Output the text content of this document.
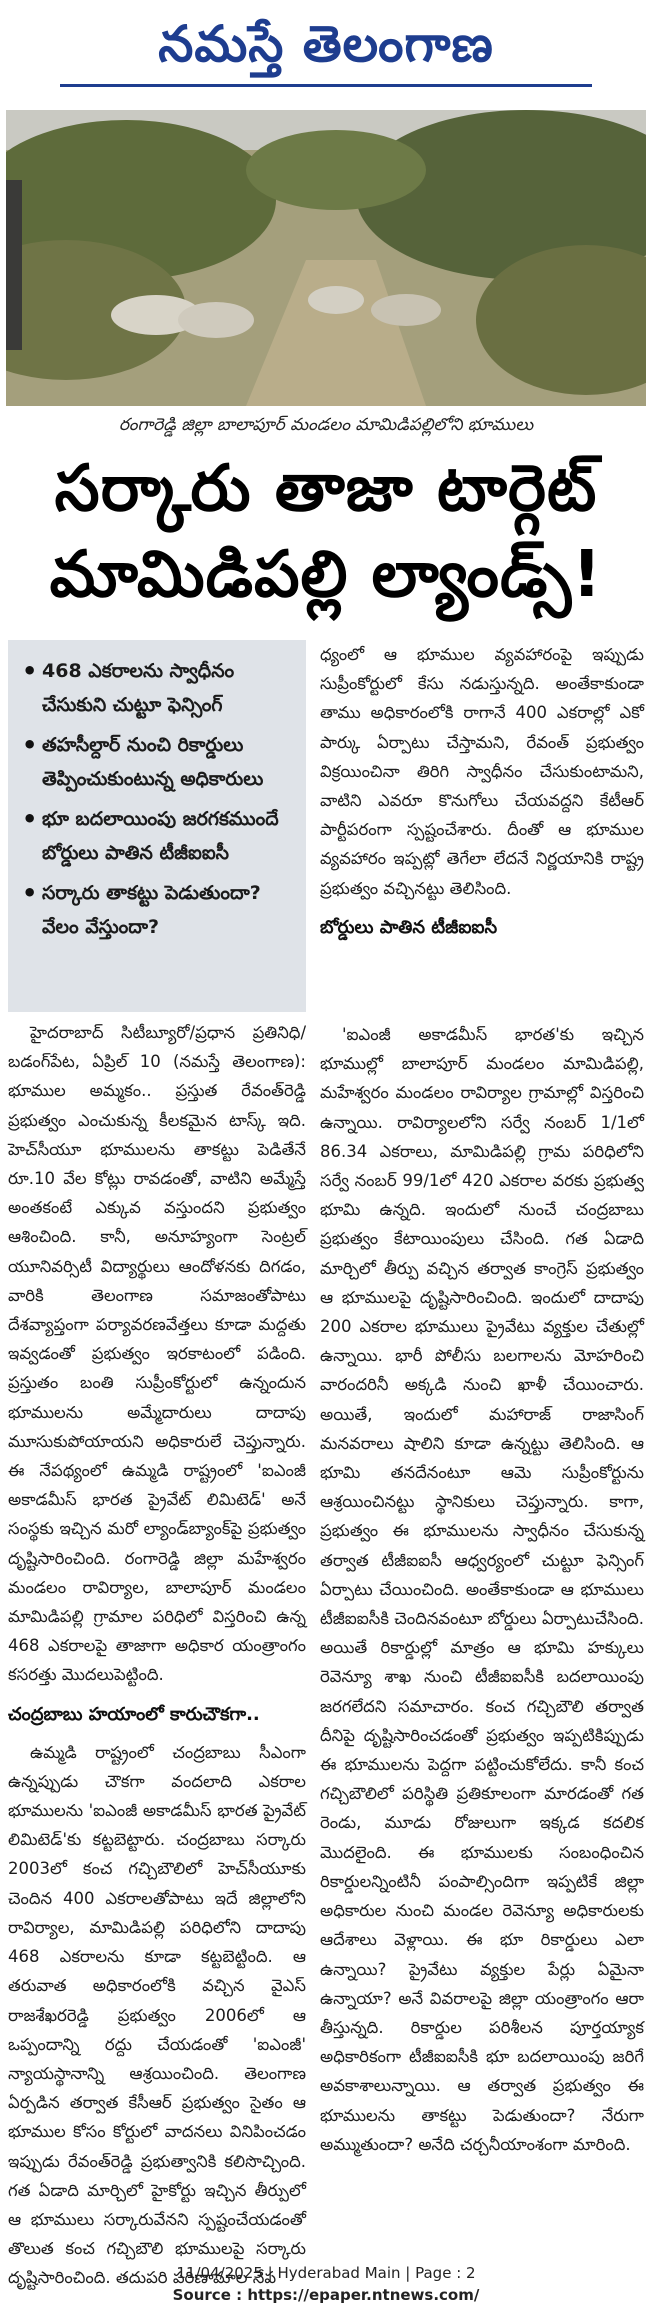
నమస్తే తెలంగాణ
రంగారెడ్డి జిల్లా బాలాపూర్ మండలం మామిడిపల్లిలోని భూములు
సర్కారు తాజా టార్గెట్
మామిడిపల్లి ల్యాండ్స్!
• 468 ఎకరాలను స్వాధీనం చేసుకుని చుట్టూ ఫెన్సింగ్
• తహసీల్దార్ నుంచి రికార్డులు తెప్పించుకుంటున్న అధికారులు
• భూ బదలాయింపు జరగకముందే బోర్డులు పాతిన టీజీఐఐసీ
• సర్కారు తాకట్టు పెడుతుందా? వేలం వేస్తుందా?

ధ్యంలో ఆ భూముల వ్యవహారంపై ఇప్పుడు సుప్రీంకోర్టులో కేసు నడుస్తున్నది. అంతేకాకుండా తాము అధికారంలోకి రాగానే 400 ఎకరాల్లో ఎకో పార్కు ఏర్పాటు చేస్తామని, రేవంత్ ప్రభుత్వం విక్రయించినా తిరిగి స్వాధీనం చేసుకుంటామని, వాటిని ఎవరూ కొనుగోలు చేయవద్దని కేటీఆర్ పార్టీపరంగా స్పష్టంచేశారు. దీంతో ఆ భూముల వ్యవహారం ఇప్పట్లో తెగేలా లేదనే నిర్ణయానికి రాష్ట్ర ప్రభుత్వం వచ్చినట్టు తెలిసింది.

బోర్డులు పాతిన టీజీఐఐసీ

హైదరాబాద్ సిటీబ్యూరో/ప్రధాన ప్రతినిధి/బడంగ్‌పేట, ఏప్రిల్ 10 (నమస్తే తెలంగాణ): భూముల అమ్మకం.. ప్రస్తుత రేవంత్‌రెడ్డి ప్రభుత్వం ఎంచుకున్న కీలకమైన టాస్క్ ఇది. హెచ్‌సీయూ భూములను తాకట్టు పెడితేనే రూ.10 వేల కోట్లు రావడంతో, వాటిని అమ్మేస్తే అంతకంటే ఎక్కువ వస్తుందని ప్రభుత్వం ఆశించింది. కానీ, అనూహ్యంగా సెంట్రల్ యూనివర్సిటీ విద్యార్థులు ఆందోళనకు దిగడం, వారికి తెలంగాణ సమాజంతోపాటు దేశవ్యాప్తంగా పర్యావరణవేత్తలు కూడా మద్దతు ఇవ్వడంతో ప్రభుత్వం ఇరకాటంలో పడింది. ప్రస్తుతం బంతి సుప్రీంకోర్టులో ఉన్నందున భూములను అమ్మేదారులు దాదాపు మూసుకుపోయాయని అధికారులే చెప్తున్నారు. ఈ నేపథ్యంలో ఉమ్మడి రాష్ట్రంలో 'ఐఎంజీ అకాడమీస్ భారత ప్రైవేట్ లిమిటెడ్' అనే సంస్థకు ఇచ్చిన మరో ల్యాండ్‌బ్యాంక్‌పై ప్రభుత్వం దృష్టిసారించింది. రంగారెడ్డి జిల్లా మహేశ్వరం మండలం రావిర్యాల, బాలాపూర్ మండలం మామిడిపల్లి గ్రామాల పరిధిలో విస్తరించి ఉన్న 468 ఎకరాలపై తాజాగా అధికార యంత్రాంగం కసరత్తు మొదలుపెట్టింది.

చంద్రబాబు హయాంలో కారుచౌకగా..

ఉమ్మడి రాష్ట్రంలో చంద్రబాబు సీఎంగా ఉన్నప్పుడు చౌకగా వందలాది ఎకరాల భూములను 'ఐఎంజీ అకాడమీస్ భారత ప్రైవేట్ లిమిటెడ్'కు కట్టబెట్టారు. చంద్రబాబు సర్కారు 2003లో కంచ గచ్చిబౌలిలో హెచ్‌సీయూకు చెందిన 400 ఎకరాలతోపాటు ఇదే జిల్లాలోని రావిర్యాల, మామిడిపల్లి పరిధిలోని దాదాపు 468 ఎకరాలను కూడా కట్టబెట్టింది. ఆ తరువాత అధికారంలోకి వచ్చిన వైఎస్ రాజశేఖరరెడ్డి ప్రభుత్వం 2006లో ఆ ఒప్పందాన్ని రద్దు చేయడంతో 'ఐఎంజీ' న్యాయస్థానాన్ని ఆశ్రయించింది. తెలంగాణ ఏర్పడిన తర్వాత కేసీఆర్ ప్రభుత్వం సైతం ఆ భూముల కోసం కోర్టులో వాదనలు వినిపించడం ఇప్పుడు రేవంత్‌రెడ్డి ప్రభుత్వానికి కలిసొచ్చింది. గత ఏడాది మార్చిలో హైకోర్టు ఇచ్చిన తీర్పులో ఆ భూములు సర్కారువేనని స్పష్టంచేయడంతో తొలుత కంచ గచ్చిబౌలి భూములపై సర్కారు దృష్టిసారించింది. తదుపరి పరిణామాల నేప

'ఐఎంజీ అకాడమీస్ భారత'కు ఇచ్చిన భూముల్లో బాలాపూర్ మండలం మామిడిపల్లి, మహేశ్వరం మండలం రావిర్యాల గ్రామాల్లో విస్తరించి ఉన్నాయి. రావిర్యాలలోని సర్వే నంబర్ 1/1లో 86.34 ఎకరాలు, మామిడిపల్లి గ్రామ పరిధిలోని సర్వే నంబర్ 99/1లో 420 ఎకరాల వరకు ప్రభుత్వ భూమి ఉన్నది. ఇందులో నుంచే చంద్రబాబు ప్రభుత్వం కేటాయింపులు చేసింది. గత ఏడాది మార్చిలో తీర్పు వచ్చిన తర్వాత కాంగ్రెస్ ప్రభుత్వం ఆ భూములపై దృష్టిసారించింది. ఇందులో దాదాపు 200 ఎకరాల భూములు ప్రైవేటు వ్యక్తుల చేతుల్లో ఉన్నాయి. భారీ పోలీసు బలగాలను మోహరించి వారందరినీ అక్కడి నుంచి ఖాళీ చేయించారు. అయితే, ఇందులో మహారాజ్ రాజాసింగ్ మనవరాలు షాలిని కూడా ఉన్నట్టు తెలిసింది. ఆ భూమి తనదేనంటూ ఆమె సుప్రీంకోర్టును ఆశ్రయించినట్టు స్థానికులు చెప్తున్నారు. కాగా, ప్రభుత్వం ఈ భూములను స్వాధీనం చేసుకున్న తర్వాత టీజీఐఐసీ ఆధ్వర్యంలో చుట్టూ ఫెన్సింగ్ ఏర్పాటు చేయించింది. అంతేకాకుండా ఆ భూములు టీజీఐఐసీకి చెందినవంటూ బోర్డులు ఏర్పాటుచేసింది. అయితే రికార్డుల్లో మాత్రం ఆ భూమి హక్కులు రెవెన్యూ శాఖ నుంచి టీజీఐఐసీకి బదలాయింపు జరగలేదని సమాచారం. కంచ గచ్చిబౌలి తర్వాత దీనిపై దృష్టిసారించడంతో ప్రభుత్వం ఇప్పటికిప్పుడు ఈ భూములను పెద్దగా పట్టించుకోలేదు. కానీ కంచ గచ్చిబౌలిలో పరిస్థితి ప్రతికూలంగా మారడంతో గత రెండు, మూడు రోజులుగా ఇక్కడ కదలిక మొదలైంది. ఈ భూములకు సంబంధించిన రికార్డులన్నింటినీ పంపాల్సిందిగా ఇప్పటికే జిల్లా అధికారుల నుంచి మండల రెవెన్యూ అధికారులకు ఆదేశాలు వెళ్లాయి. ఈ భూ రికార్డులు ఎలా ఉన్నాయి? ప్రైవేటు వ్యక్తుల పేర్లు ఏమైనా ఉన్నాయా? అనే వివరాలపై జిల్లా యంత్రాంగం ఆరా తీస్తున్నది. రికార్డుల పరిశీలన పూర్తయ్యాక అధికారికంగా టీజీఐఐసీకి భూ బదలాయింపు జరిగే అవకాశాలున్నాయి. ఆ తర్వాత ప్రభుత్వం ఈ భూములను తాకట్టు పెడుతుందా? నేరుగా అమ్ముతుందా? అనేది చర్చనీయాంశంగా మారింది.

11/04/2025 | Hyderabad Main | Page : 2
Source : https://epaper.ntnews.com/
